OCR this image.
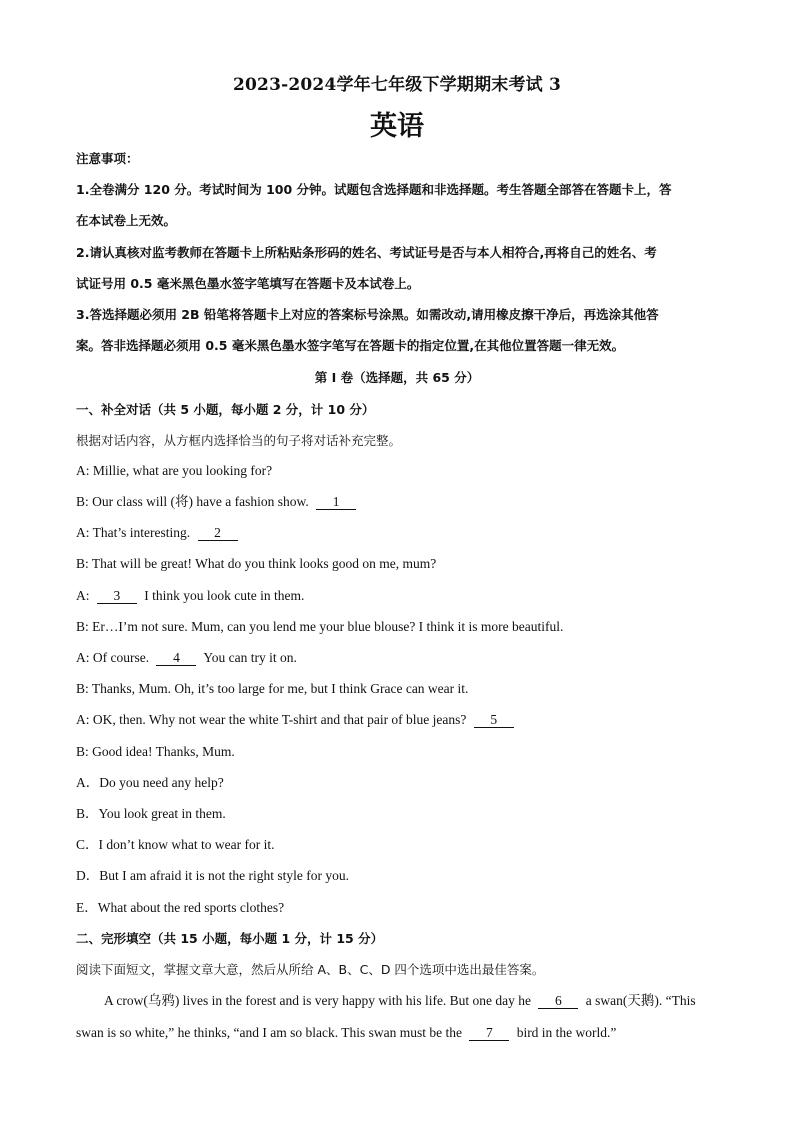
2023-2024学年七年级下学期期末考试 3
英语
注意事项：
1.全卷满分 120 分。考试时间为 100 分钟。试题包含选择题和非选择题。考生答题全部答在答题卡上，答
在本试卷上无效。
2.请认真核对监考教师在答题卡上所粘贴条形码的姓名、考试证号是否与本人相符合,再将自己的姓名、考
试证号用 0.5 毫米黑色墨水签字笔填写在答题卡及本试卷上。
3.答选择题必须用 2B 铅笔将答题卡上对应的答案标号涂黑。如需改动,请用橡皮擦干净后，再选涂其他答
案。答非选择题必须用 0.5 毫米黑色墨水签字笔写在答题卡的指定位置,在其他位置答题一律无效。
第 I 卷（选择题，共 65 分）
一、补全对话（共 5 小题，每小题 2 分，计 10 分）
根据对话内容，从方框内选择恰当的句子将对话补充完整。
A: Millie, what are you looking for?
B: Our class will (将) have a fashion show. 1
A: That’s interesting. 2
B: That will be great! What do you think looks good on me, mum?
A: 3 I think you look cute in them.
B: Er…I’m not sure. Mum, can you lend me your blue blouse? I think it is more beautiful.
A: Of course. 4 You can try it on.
B: Thanks, Mum. Oh, it’s too large for me, but I think Grace can wear it.
A: OK, then. Why not wear the white T-shirt and that pair of blue jeans? 5
B: Good idea! Thanks, Mum.
A．Do you need any help?
B．You look great in them.
C．I don’t know what to wear for it.
D．But I am afraid it is not the right style for you.
E．What about the red sports clothes?
二、完形填空（共 15 小题，每小题 1 分，计 15 分）
阅读下面短文，掌握文章大意，然后从所给 A、B、C、D 四个选项中选出最佳答案。
A crow(乌鸦) lives in the forest and is very happy with his life. But one day he 6 a swan(天鹅). “This
swan is so white,” he thinks, “and I am so black. This swan must be the 7 bird in the world.”
